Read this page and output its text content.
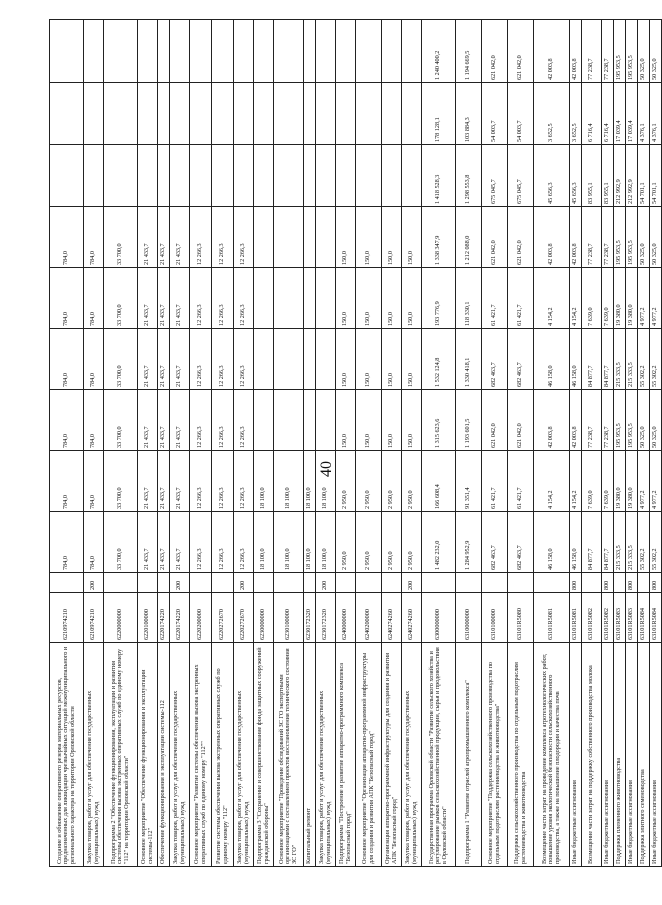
40
Создание и обновление оперативного резерва материальных ресурсов, предназначенных для ликвидации чрезвычайных ситуаций межмуниципального и регионального характера на территории Орловской области	6210974210		784,0	784,0	784,0	784,0	784,0	784,0			
Закупка товаров, работ и услуг для обеспечения государственных (муниципальных) нужд	6210974210	200	784,0	784,0	784,0	784,0	784,0	784,0			
Подпрограмма 2 "Обеспечение функционирования, эксплуатации и развития системы обеспечения вызова экстренных оперативных служб по единому номеру "112" на территории Орловской области"	6220000000		33 700,0	33 700,0	33 700,0	33 700,0	33 700,0	33 700,0			
Основное мероприятие "Обеспечение функционирования и эксплуатации системы-112"	6220100000		21 433,7	21 433,7	21 433,7	21 433,7	21 433,7	21 433,7			
Обеспечение функционирования и эксплуатации системы-112	6220174220		21 433,7	21 433,7	21 433,7	21 433,7	21 433,7	21 433,7			
Закупка товаров, работ и услуг для обеспечения государственных (муниципальных) нужд	6220174220	200	21 433,7	21 433,7	21 433,7	21 433,7	21 433,7	21 433,7			
Основное мероприятие "Развитие системы обеспечения вызова экстренных оперативных служб по единому номеру "112""	6220200000		12 266,3	12 266,3	12 266,3	12 266,3	12 266,3	12 266,3			
Развитие системы обеспечения вызова экстренных оперативных служб по единому номеру "112"	6220272670		12 266,3	12 266,3	12 266,3	12 266,3	12 266,3	12 266,3			
Закупка товаров, работ и услуг для обеспечения государственных (муниципальных) нужд	6220272670	200	12 266,3	12 266,3	12 266,3	12 266,3	12 266,3	12 266,3			
Подпрограмма 3 "Сохранение и совершенствование фонда защитных сооружений гражданской обороны"	6230000000		18 100,0	18 100,0							
Основное мероприятие "Проведение обследований ЗС ГО экспертными организациями с составлением проектов восстановления технического состояния ЗС ГО"	6230100000		18 100,0	18 100,0							
Капитальный ремонт	6230172320		18 100,0	18 100,0							
Закупка товаров, работ и услуг для обеспечения государственных (муниципальных) нужд	6230172320	200	18 100,0	18 100,0							
Подпрограмма "Построение и развитие аппаратно-программного комплекса "Безопасный город"	6240000000		2 950,0	2 950,0	150,0	150,0	150,0	150,0			
Основное мероприятие "Организация аппаратно-программной инфраструктуры для создания и развития АПК "Безопасный город"	6240200000		2 950,0	2 950,0	150,0	150,0	150,0	150,0			
Организация аппаратно-программной инфраструктуры для создания и развития АПК "Безопасный город"	6240274260		2 950,0	2 950,0	150,0	150,0	150,0	150,0			
Закупка товаров, работ и услуг для обеспечения государственных (муниципальных) нужд	6240274260	200	2 950,0	2 950,0	150,0	150,0	150,0	150,0			
Государственная программа Орловской области "Развитие сельского хозяйства и регулирование рынков сельскохозяйственной продукции, сырья и продовольствия в Орловской области"	6300000000		1 482 232,0	166 608,4	1 315 623,6	1 532 124,8	193 776,9	1 338 347,9	1 418 528,3	178 128,1	1 240 400,2
Подпрограмма 1 "Развитие отраслей агропромышленного комплекса"	6310000000		1 284 952,9	91 351,4	1 193 601,5	1 330 418,1	118 330,1	1 212 088,0	1 298 553,8	103 884,3	1 194 669,5
Основное мероприятие "Поддержка сельскохозяйственного производства по отдельным подотраслям растениеводства и животноводства"	6310100000		682 463,7	61 421,7	621 042,0	682 463,7	61 421,7	621 042,0	675 045,7	54 003,7	621 042,0
Поддержка сельскохозяйственного производства по отдельным подотраслям растениеводства и животноводства	63101R5080		682 463,7	61 421,7	621 042,0	682 463,7	61 421,7	621 042,0	675 045,7	54 003,7	621 042,0
Возмещение части затрат на проведение комплекса агротехнологических работ, повышение уровня экологической безопасности сельскохозяйственного производства, а также на повышение плодородия и качества почв	63101R5081		46 158,0	4 154,2	42 003,8	46 158,0	4 154,2	42 003,8	45 656,3	3 652,5	42 003,8
Иные бюджетные ассигнования	63101R5081	800	46 158,0	4 154,2	42 003,8	46 158,0	4 154,2	42 003,8	45 656,3	3 652,5	42 003,8
Возмещение части затрат на поддержку собственного производства молока	63101R5082		84 877,7	7 639,0	77 238,7	84 877,7	7 639,0	77 238,7	83 955,1	6 716,4	77 238,7
Иные бюджетные ассигнования	63101R5082	800	84 877,7	7 639,0	77 238,7	84 877,7	7 639,0	77 238,7	83 955,1	6 716,4	77 238,7
Поддержка племенного животноводства	63101R5083		215 333,5	19 380,0	195 953,5	215 333,5	19 380,0	195 953,5	212 992,9	17 039,4	195 953,5
Иные бюджетные ассигнования	63101R5083	800	215 333,5	19 380,0	195 953,5	215 333,5	19 380,0	195 953,5	212 992,9	17 039,4	195 953,5
Поддержка элитного семеноводства	63101R5084		55 302,2	4 977,2	50 325,0	55 302,2	4 977,2	50 325,0	54 701,1	4 376,1	50 325,0
Иные бюджетные ассигнования	63101R5084	800	55 302,2	4 977,2	50 325,0	55 302,2	4 977,2	50 325,0	54 701,1	4 376,1	50 325,0
